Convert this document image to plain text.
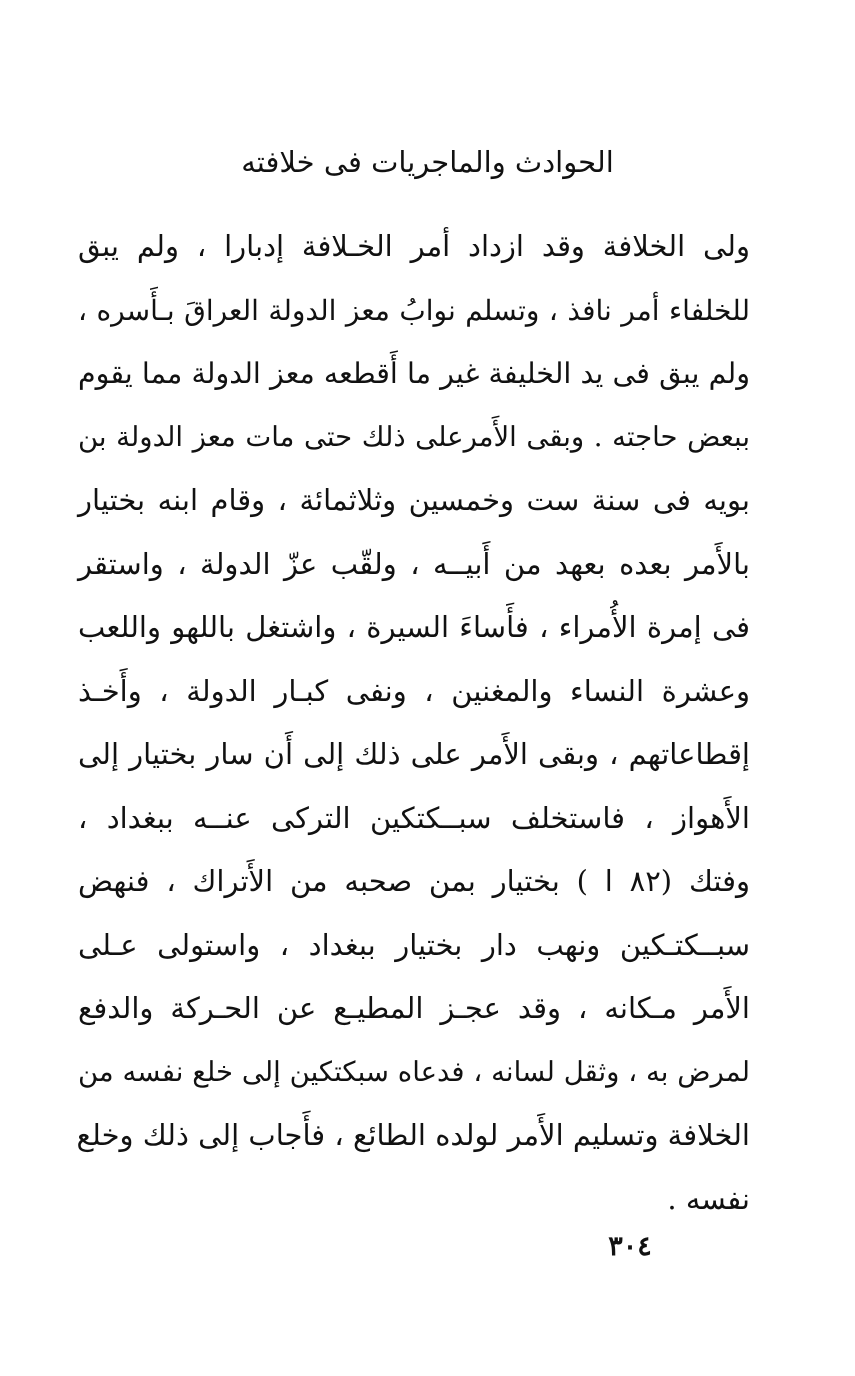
الحوادث والماجريات فى خلافته
ولى الخلافة وقد ازداد أمر الخـلافة إدبارا ، ولم يبق
للخلفاء أمر نافذ ، وتسلم نوابُ معز الدولة العراقَ بـأَسره ،
ولم يبق فى يد الخليفة غير ما أَقطعه معز الدولة مما يقوم
ببعض حاجته . وبقى الأَمرعلى ذلك حتى مات معز الدولة بن
بويه فى سنة ست وخمسين وثلاثمائة ، وقام ابنه بختيار
بالأَمر بعده بعهد من أَبيــه ، ولقّب عزّ الدولة ، واستقر
فى إمرة الأُمراء ، فأَساءَ السيرة ، واشتغل باللهو واللعب
وعشرة النساء والمغنين ، ونفى كبـار الدولة ، وأَخـذ
إقطاعاتهم ، وبقى الأَمر على ذلك إلى أَن سار بختيار إلى
الأَهواز ، فاستخلف سبــكتكين التركى عنــه ببغداد ،
وفتك (٨٢ ا ) بختيار بمن صحبه من الأَتراك ، فنهض
سبــكتـكين ونهب دار بختيار ببغداد ، واستولى عـلى
الأَمر مـكانه ، وقد عجـز المطيـع عن الحـركة والدفع
لمرض به ، وثقل لسانه ، فدعاه سبكتكين إلى خلع نفسه من
الخلافة وتسليم الأَمر لولده الطائع ، فأَجاب إلى ذلك وخلع
نفسه .
٣٠٤
